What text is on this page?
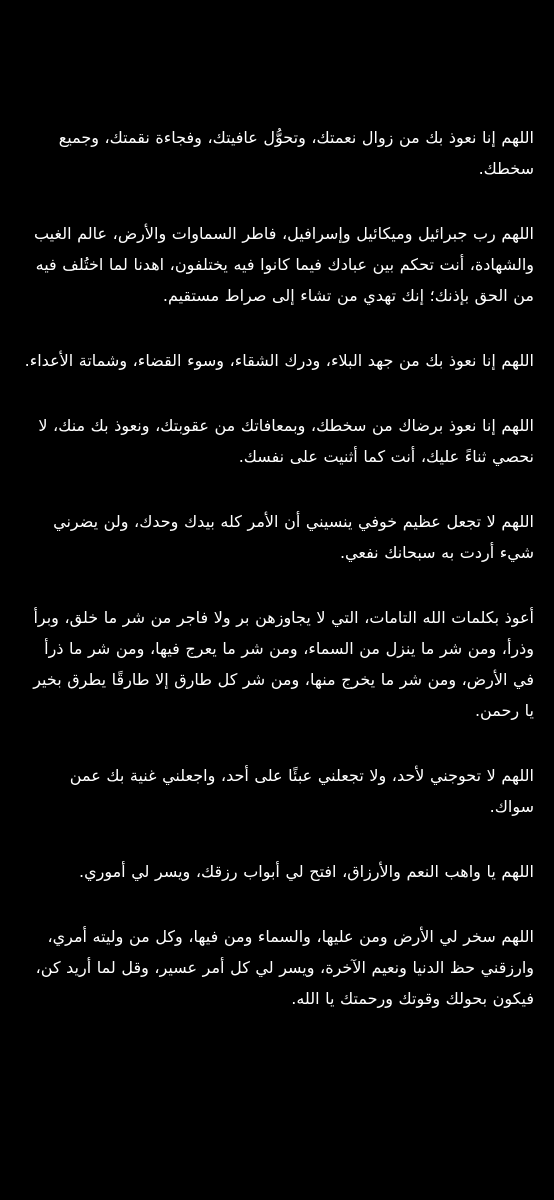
اللهم إنا نعوذ بك من زوال نعمتك، وتحوُّل عافيتك، وفجاءة نقمتك، وجميع سخطك.

اللهم رب جبرائيل وميكائيل وإسرافيل، فاطر السماوات والأرض، عالم الغيب والشهادة، أنت تحكم بين عبادك فيما كانوا فيه يختلفون، اهدنا لما اختُلف فيه من الحق بإذنك؛ إنك تهدي من تشاء إلى صراط مستقيم.

اللهم إنا نعوذ بك من جهد البلاء، ودرك الشقاء، وسوء القضاء، وشماتة الأعداء.

اللهم إنا نعوذ برضاك من سخطك، وبمعافاتك من عقوبتك، ونعوذ بك منك، لا نحصي ثناءً عليك، أنت كما أثنيت على نفسك.

اللهم لا تجعل عظيم خوفي ينسيني أن الأمر كله بيدك وحدك، ولن يضرني شيء أردت به سبحانك نفعي.

أعوذ بكلمات الله التامات، التي لا يجاوزهن بر ولا فاجر من شر ما خلق، وبرأ وذرأ، ومن شر ما ينزل من السماء، ومن شر ما يعرج فيها، ومن شر ما ذرأ في الأرض، ومن شر ما يخرج منها، ومن شر كل طارق إلا طارقًا يطرق بخير يا رحمن.

اللهم لا تحوجني لأحد، ولا تجعلني عبئًا على أحد، واجعلني غنية بك عمن سواك.

اللهم يا واهب النعم والأرزاق، افتح لي أبواب رزقك، ويسر لي أموري.

اللهم سخر لي الأرض ومن عليها، والسماء ومن فيها، وكل من وليته أمري، وارزقني حظ الدنيا ونعيم الآخرة، ويسر لي كل أمر عسير، وقل لما أريد كن، فيكون بحولك وقوتك ورحمتك يا الله.
